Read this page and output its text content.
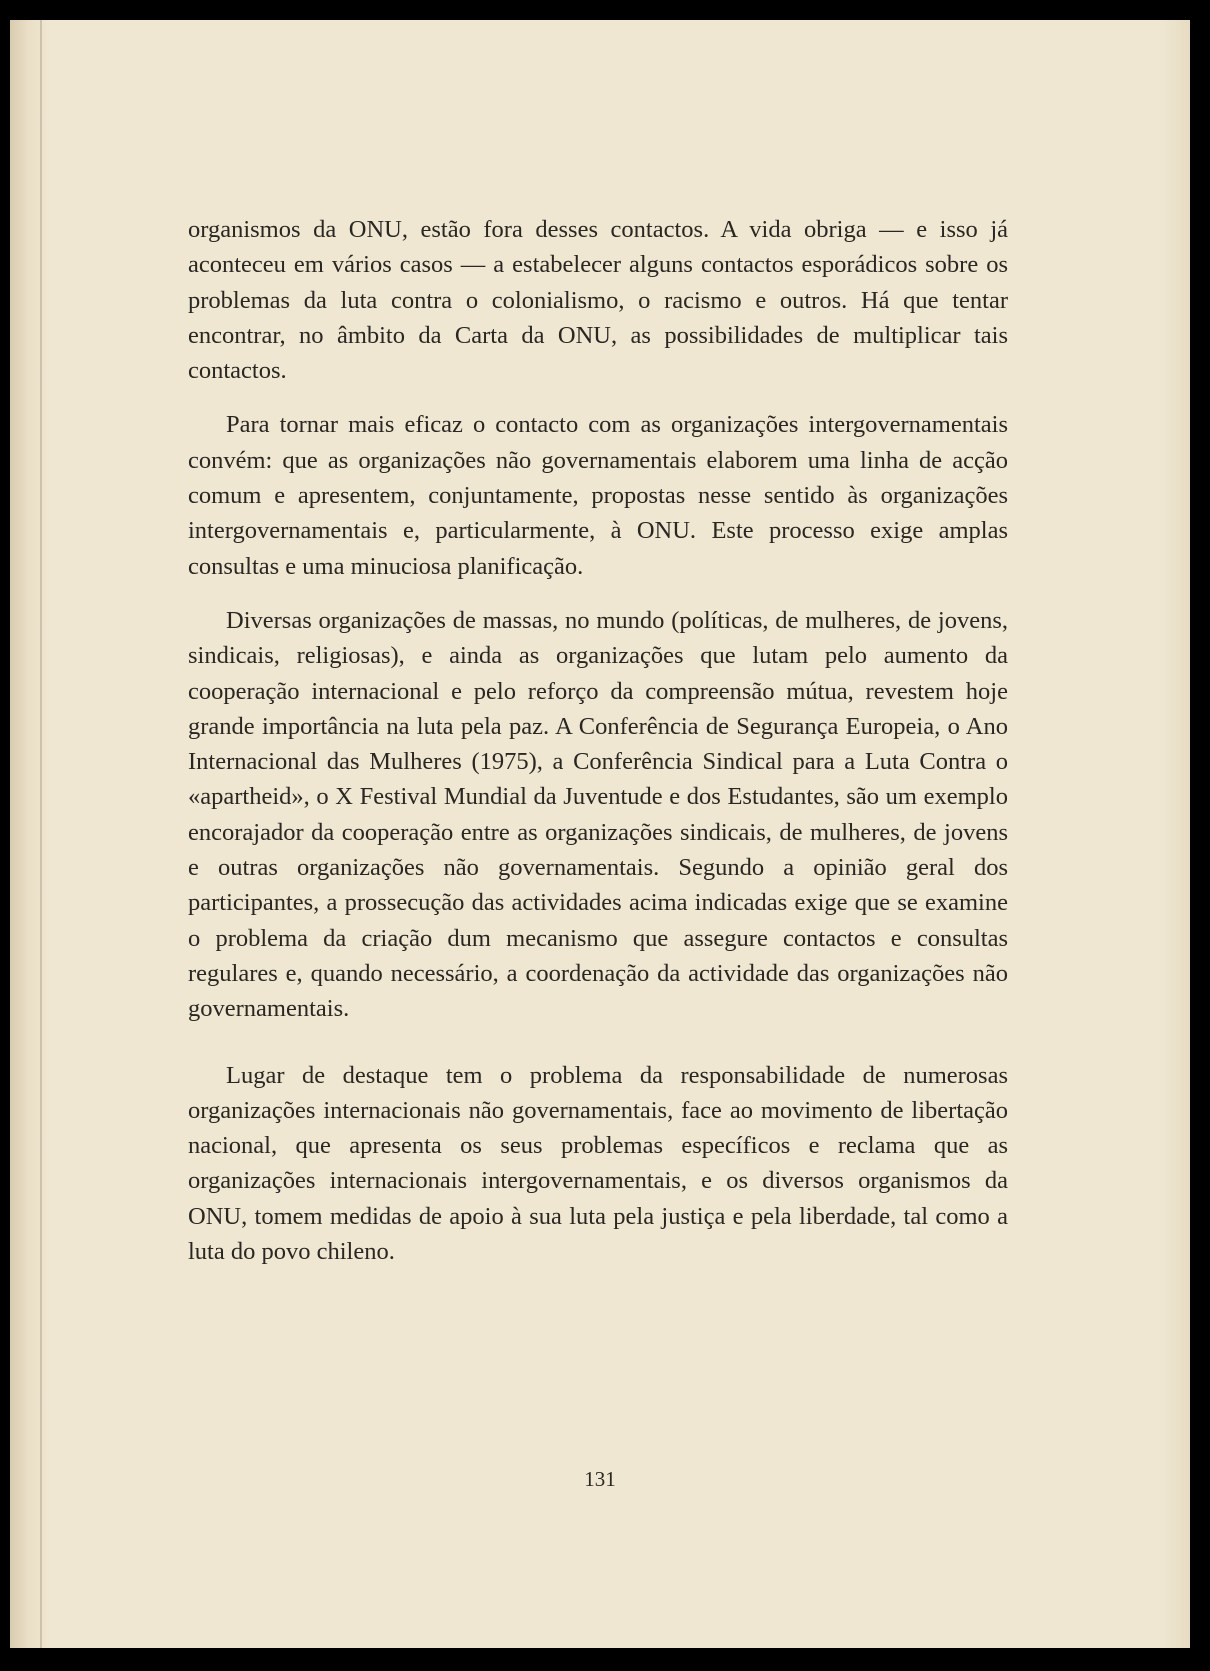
organismos da ONU, estão fora desses contactos. A vida obriga — e isso já aconteceu em vários casos — a estabelecer alguns contactos esporádicos sobre os problemas da luta contra o colonialismo, o racismo e outros. Há que tentar encontrar, no âmbito da Carta da ONU, as possibilidades de multiplicar tais contactos.

Para tornar mais eficaz o contacto com as organizações intergovernamentais convém: que as organizações não governamentais elaborem uma linha de acção comum e apresentem, conjuntamente, propostas nesse sentido às organizações intergovernamentais e, particularmente, à ONU. Este processo exige amplas consultas e uma minuciosa planificação.

Diversas organizações de massas, no mundo (políticas, de mulheres, de jovens, sindicais, religiosas), e ainda as organizações que lutam pelo aumento da cooperação internacional e pelo reforço da compreensão mútua, revestem hoje grande importância na luta pela paz. A Conferência de Segurança Europeia, o Ano Internacional das Mulheres (1975), a Conferência Sindical para a Luta Contra o «apartheid», o X Festival Mundial da Juventude e dos Estudantes, são um exemplo encorajador da cooperação entre as organizações sindicais, de mulheres, de jovens e outras organizações não governamentais. Segundo a opinião geral dos participantes, a prossecução das actividades acima indicadas exige que se examine o problema da criação dum mecanismo que assegure contactos e consultas regulares e, quando necessário, a coordenação da actividade das organizações não governamentais.

Lugar de destaque tem o problema da responsabilidade de numerosas organizações internacionais não governamentais, face ao movimento de libertação nacional, que apresenta os seus problemas específicos e reclama que as organizações internacionais intergovernamentais, e os diversos organismos da ONU, tomem medidas de apoio à sua luta pela justiça e pela liberdade, tal como a luta do povo chileno.

131
